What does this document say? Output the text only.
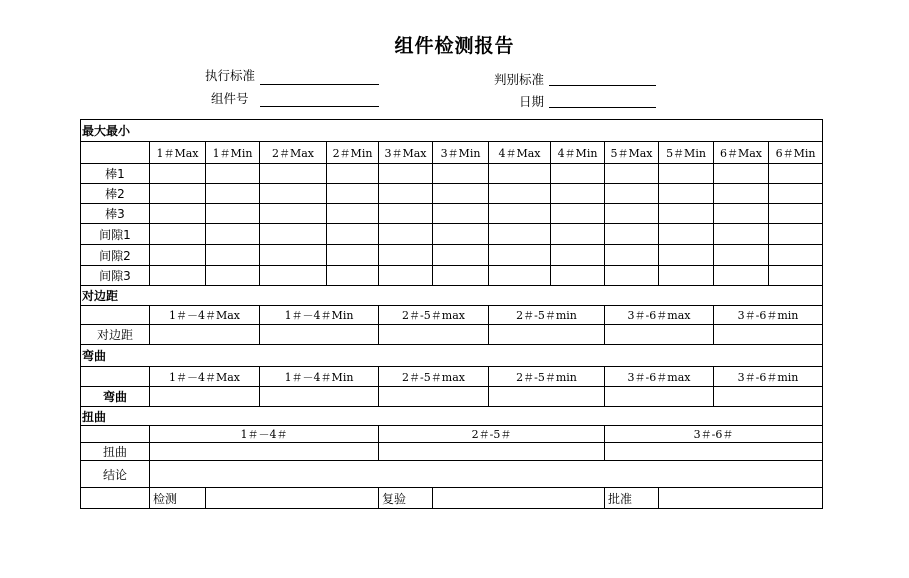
组件检测报告
执行标准
组件号
判别标准
日期
最大最小												
	1＃Max	1＃Min	2＃Max	2＃Min	3＃Max	3＃Min	4＃Max	4＃Min	5＃Max	5＃Min	6＃Max	6＃Min
棒1												
棒2												
棒3												
间隙1												
间隙2												
间隙3												
对边距												
	1＃－4＃Max		1＃－4＃Min		2＃-5＃max		2＃-5＃min		3＃-6＃max		3＃-6＃min	
对边距												
弯曲												
	1＃－4＃Max		1＃－4＃Min		2＃-5＃max		2＃-5＃min		3＃-6＃max		3＃-6＃min	
弯曲												
扭曲												
	1＃－4＃				2＃-5＃				3＃-6＃			
扭曲												
结论												
	检测				复验				批准			
